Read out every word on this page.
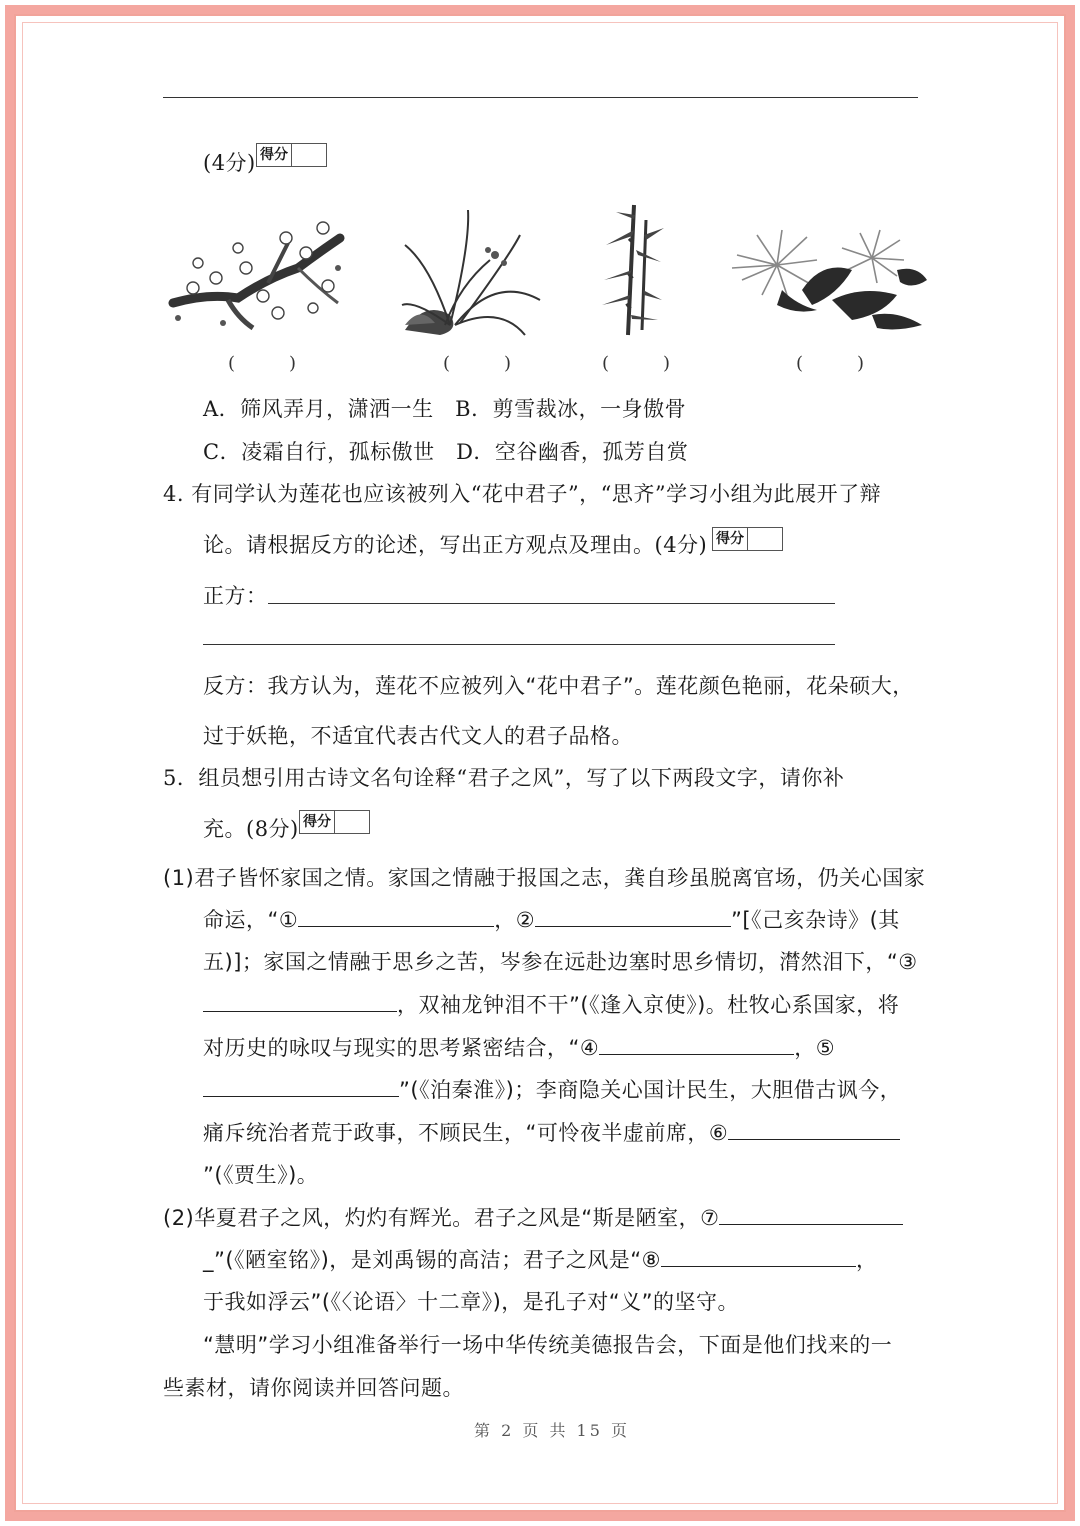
(4分) 得分
(　)	(　)	(　)	(　)
A．筛风弄月，潇洒一生　B．剪雪裁冰，一身傲骨
C．凌霜自行，孤标傲世　D．空谷幽香，孤芳自赏
4. 有同学认为莲花也应该被列入“花中君子”，“思齐”学习小组为此展开了辩
论。请根据反方的论述，写出正方观点及理由。(4分) 得分
正方：
反方：我方认为，莲花不应被列入“花中君子”。莲花颜色艳丽，花朵硕大，
过于妖艳，不适宜代表古代文人的君子品格。
5．组员想引用古诗文名句诠释“君子之风”，写了以下两段文字，请你补
充。(8分) 得分
(1)君子皆怀家国之情。家国之情融于报国之志，龚自珍虽脱离官场，仍关心国家
命运，“①	，②	”[《己亥杂诗》(其
五)]；家国之情融于思乡之苦，岑参在远赴边塞时思乡情切，潸然泪下，“③
，双袖龙钟泪不干”(《逢入京使》)。杜牧心系国家，将
对历史的咏叹与现实的思考紧密结合，“④	，⑤
”(《泊秦淮》)；李商隐关心国计民生，大胆借古讽今，
痛斥统治者荒于政事，不顾民生，“可怜夜半虚前席，⑥
”(《贾生》)。
(2)华夏君子之风，灼灼有辉光。君子之风是“斯是陋室，⑦
_”(《陋室铭》)，是刘禹锡的高洁；君子之风是“⑧	，
于我如浮云”(《〈论语〉十二章》)，是孔子对“义”的坚守。
“慧明”学习小组准备举行一场中华传统美德报告会，下面是他们找来的一
些素材，请你阅读并回答问题。
第 2 页 共 15 页
